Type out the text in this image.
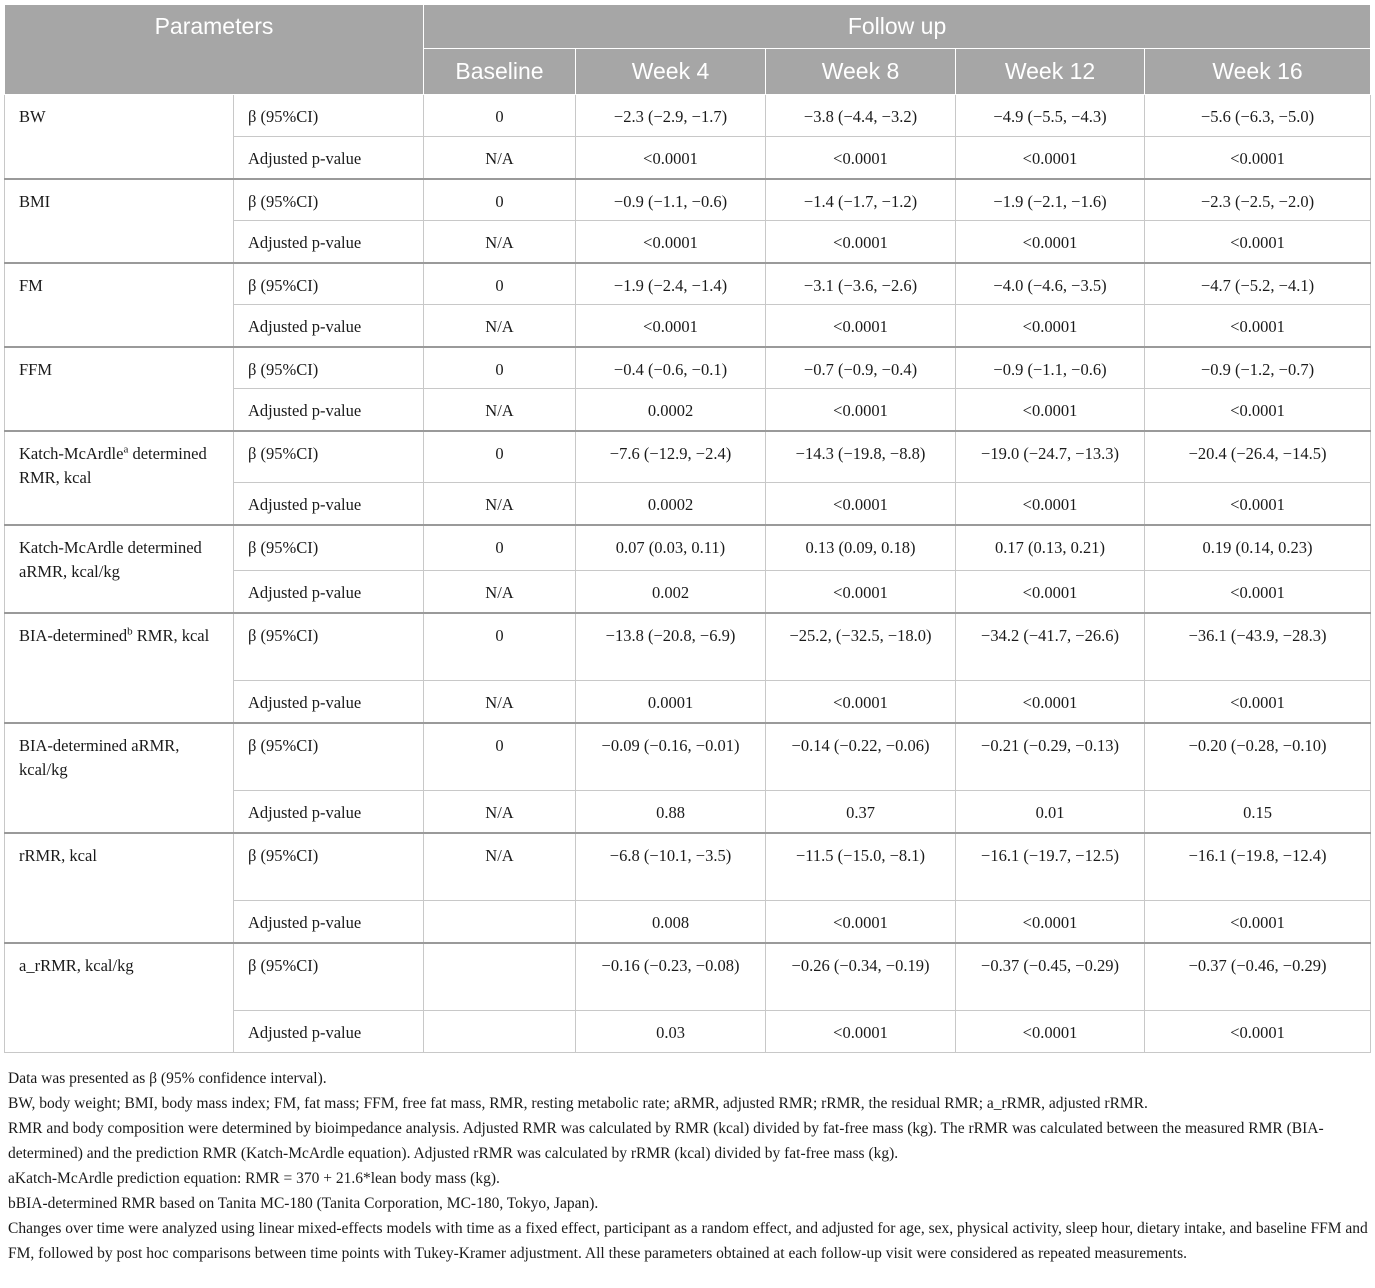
Parameters		Follow up				
		Baseline	Week 4	Week 8	Week 12	Week 16
BW	β (95%CI)	0	−2.3 (−2.9, −1.7)	−3.8 (−4.4, −3.2)	−4.9 (−5.5, −4.3)	−5.6 (−6.3, −5.0)
	Adjusted p-value	N/A	<0.0001	<0.0001	<0.0001	<0.0001
BMI	β (95%CI)	0	−0.9 (−1.1, −0.6)	−1.4 (−1.7, −1.2)	−1.9 (−2.1, −1.6)	−2.3 (−2.5, −2.0)
	Adjusted p-value	N/A	<0.0001	<0.0001	<0.0001	<0.0001
FM	β (95%CI)	0	−1.9 (−2.4, −1.4)	−3.1 (−3.6, −2.6)	−4.0 (−4.6, −3.5)	−4.7 (−5.2, −4.1)
	Adjusted p-value	N/A	<0.0001	<0.0001	<0.0001	<0.0001
FFM	β (95%CI)	0	−0.4 (−0.6, −0.1)	−0.7 (−0.9, −0.4)	−0.9 (−1.1, −0.6)	−0.9 (−1.2, −0.7)
	Adjusted p-value	N/A	0.0002	<0.0001	<0.0001	<0.0001
Katch-McArdle$^a$ determined RMR, kcal	β (95%CI)	0	−7.6 (−12.9, −2.4)	−14.3 (−19.8, −8.8)	−19.0 (−24.7, −13.3)	−20.4 (−26.4, −14.5)
	Adjusted p-value	N/A	0.0002	<0.0001	<0.0001	<0.0001
Katch-McArdle determined aRMR, kcal/kg	β (95%CI)	0	0.07 (0.03, 0.11)	0.13 (0.09, 0.18)	0.17 (0.13, 0.21)	0.19 (0.14, 0.23)
	Adjusted p-value	N/A	0.002	<0.0001	<0.0001	<0.0001
BIA-determined$^b$ RMR, kcal	β (95%CI)	0	−13.8 (−20.8, −6.9)	−25.2, (−32.5, −18.0)	−34.2 (−41.7, −26.6)	−36.1 (−43.9, −28.3)
	Adjusted p-value	N/A	0.0001	<0.0001	<0.0001	<0.0001
BIA-determined aRMR, kcal/kg	β (95%CI)	0	−0.09 (−0.16, −0.01)	−0.14 (−0.22, −0.06)	−0.21 (−0.29, −0.13)	−0.20 (−0.28, −0.10)
	Adjusted p-value	N/A	0.88	0.37	0.01	0.15
rRMR, kcal	β (95%CI)	N/A	−6.8 (−10.1, −3.5)	−11.5 (−15.0, −8.1)	−16.1 (−19.7, −12.5)	−16.1 (−19.8, −12.4)
	Adjusted p-value		0.008	<0.0001	<0.0001	<0.0001
a_rRMR, kcal/kg	β (95%CI)		−0.16 (−0.23, −0.08)	−0.26 (−0.34, −0.19)	−0.37 (−0.45, −0.29)	−0.37 (−0.46, −0.29)
	Adjusted p-value		0.03	<0.0001	<0.0001	<0.0001

Data was presented as β (95% confidence interval).

BW, body weight; BMI, body mass index; FM, fat mass; FFM, free fat mass, RMR, resting metabolic rate; aRMR, adjusted RMR; rRMR, the residual RMR; a_rRMR, adjusted rRMR.

RMR and body composition were determined by bioimpedance analysis. Adjusted RMR was calculated by RMR (kcal) divided by fat-free mass (kg). The rRMR was calculated between the measured RMR (BIA-determined) and the prediction RMR (Katch-McArdle equation). Adjusted rRMR was calculated by rRMR (kcal) divided by fat-free mass (kg).

aKatch-McArdle prediction equation: RMR = 370 + 21.6*lean body mass (kg).

bBIA-determined RMR based on Tanita MC-180 (Tanita Corporation, MC-180, Tokyo, Japan).

Changes over time were analyzed using linear mixed-effects models with time as a fixed effect, participant as a random effect, and adjusted for age, sex, physical activity, sleep hour, dietary intake, and baseline FFM and FM, followed by post hoc comparisons between time points with Tukey-Kramer adjustment. All these parameters obtained at each follow-up visit were considered as repeated measurements.
